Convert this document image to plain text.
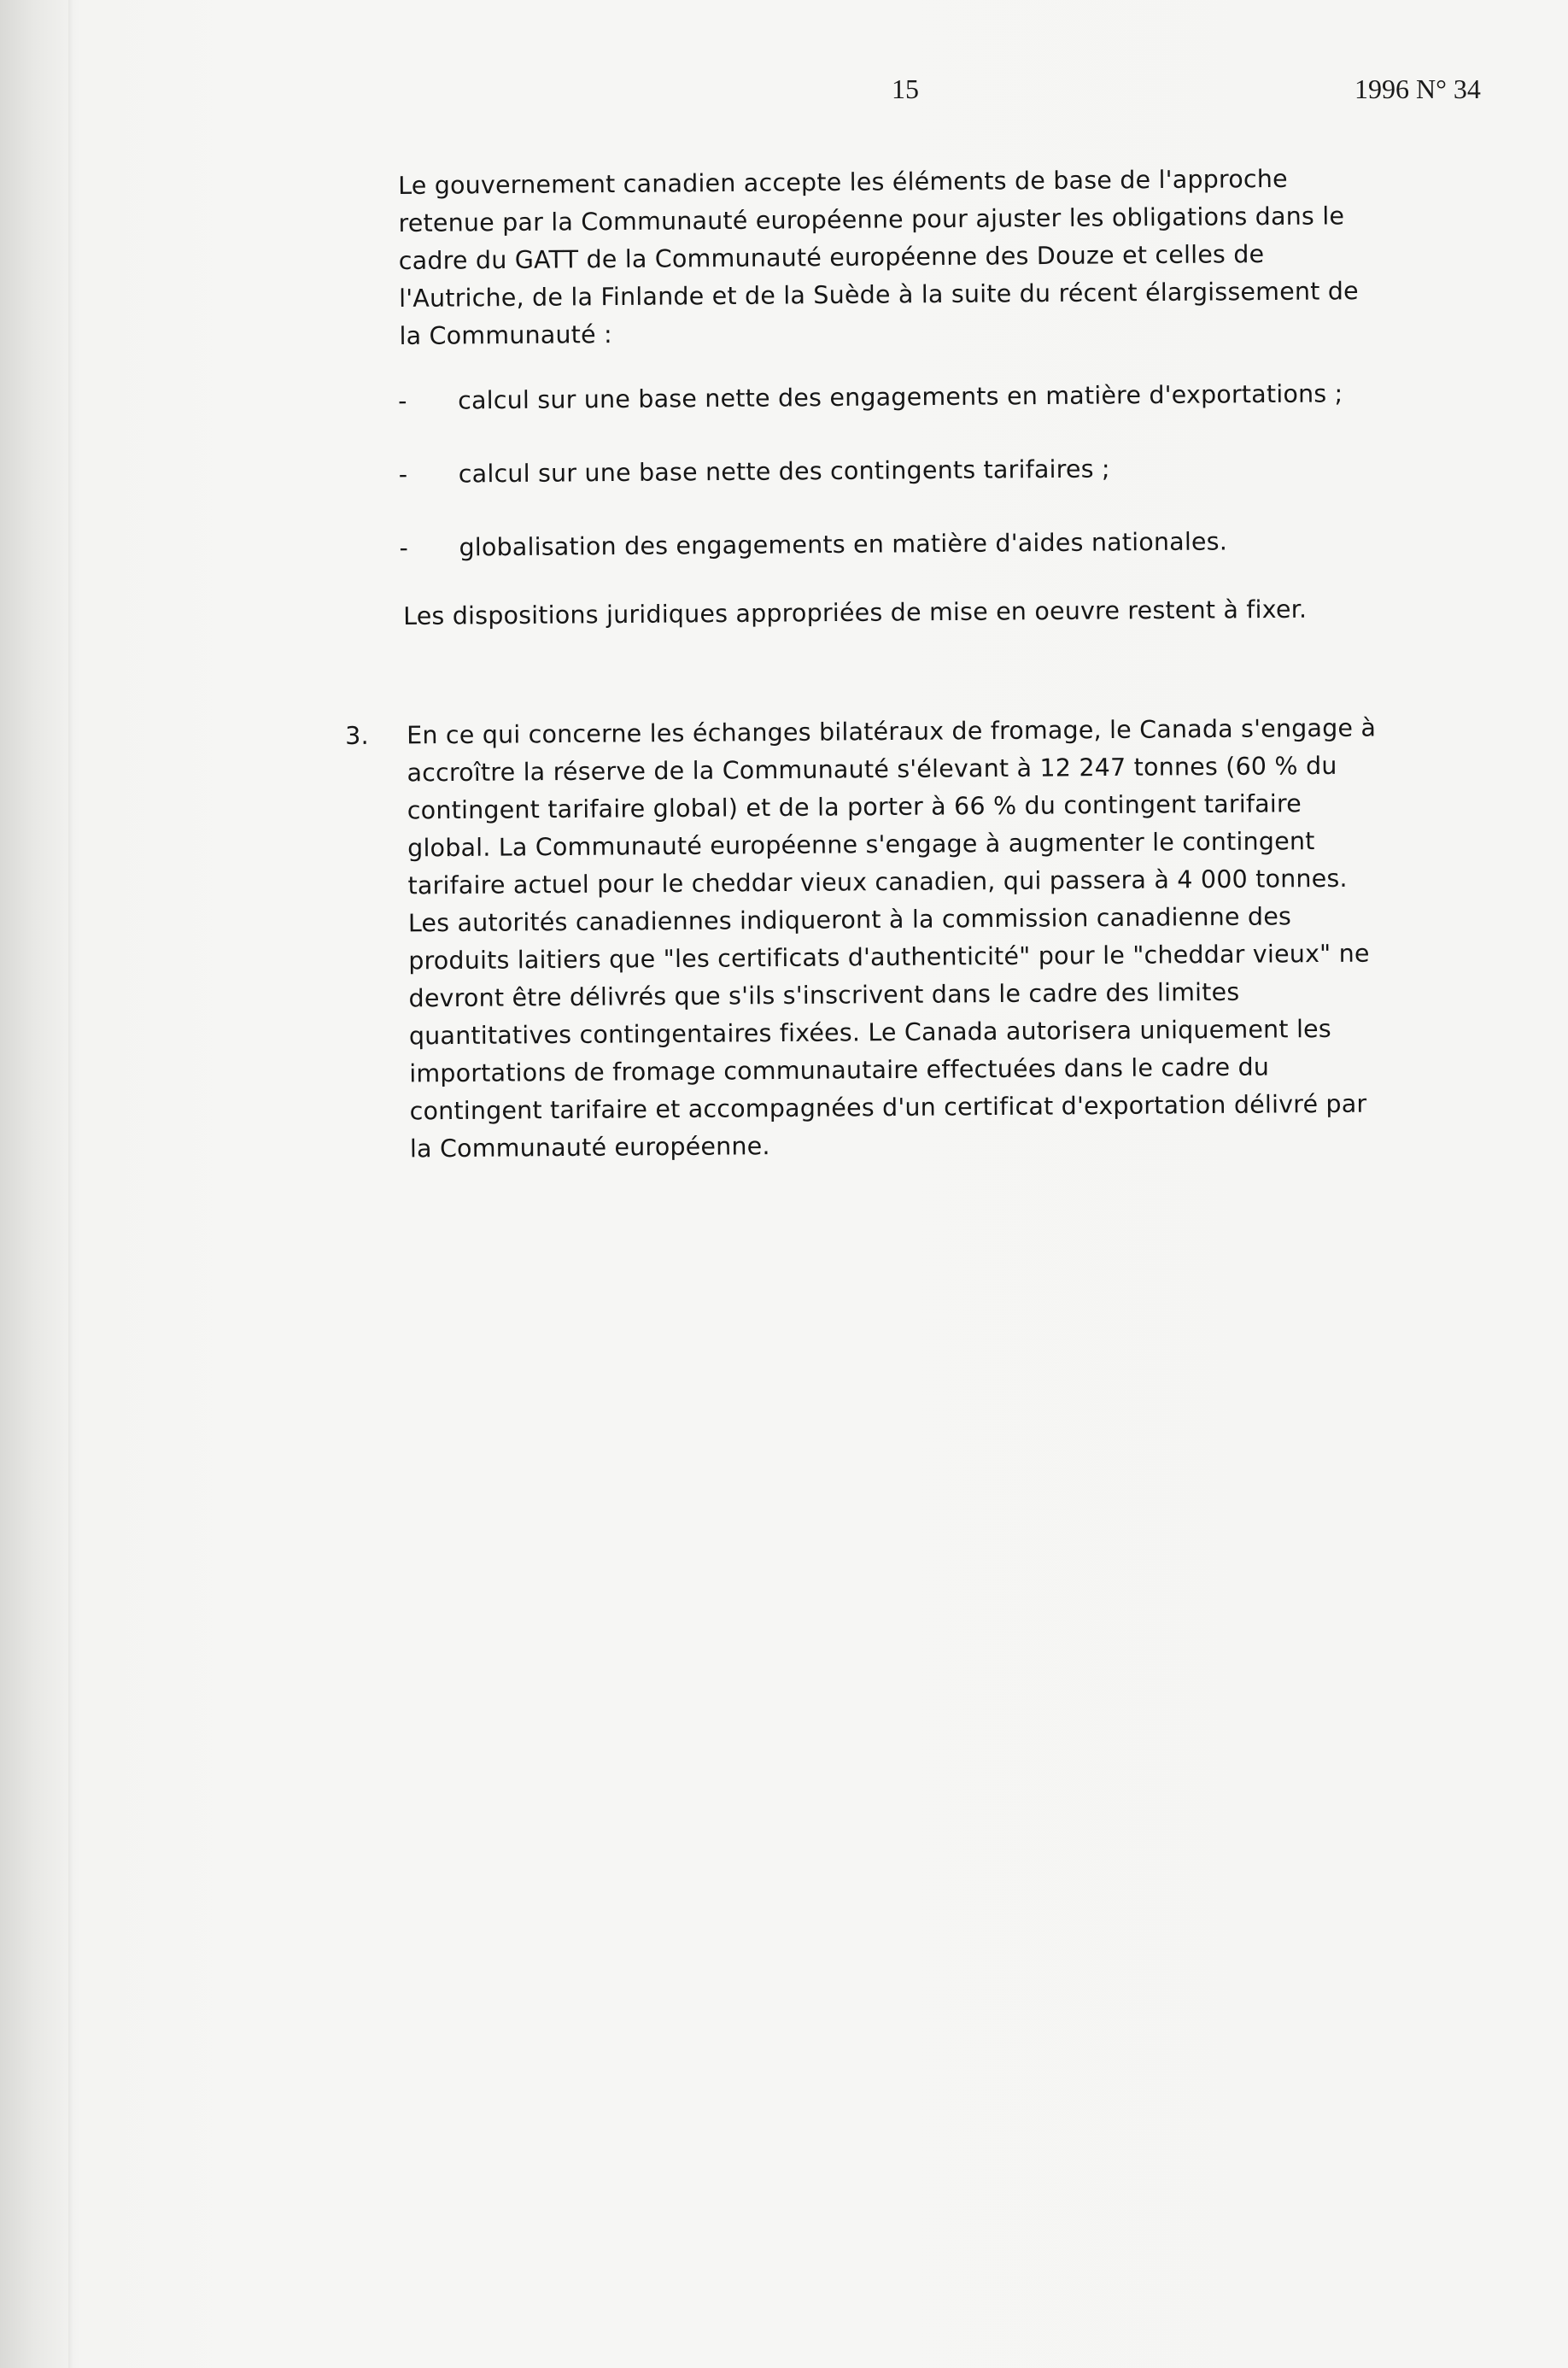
15	1996 N° 34
Le gouvernement canadien accepte les éléments de base de l'approche
retenue par la Communauté européenne pour ajuster les obligations dans le
cadre du GATT de la Communauté européenne des Douze et celles de
l'Autriche, de la Finlande et de la Suède à la suite du récent élargissement de
la Communauté :
- calcul sur une base nette des engagements en matière d'exportations ;
- calcul sur une base nette des contingents tarifaires ;
- globalisation des engagements en matière d'aides nationales.
Les dispositions juridiques appropriées de mise en oeuvre restent à fixer.
3. En ce qui concerne les échanges bilatéraux de fromage, le Canada s'engage à
accroître la réserve de la Communauté s'élevant à 12 247 tonnes (60 % du
contingent tarifaire global) et de la porter à 66 % du contingent tarifaire
global. La Communauté européenne s'engage à augmenter le contingent
tarifaire actuel pour le cheddar vieux canadien, qui passera à 4 000 tonnes.
Les autorités canadiennes indiqueront à la commission canadienne des
produits laitiers que "les certificats d'authenticité" pour le "cheddar vieux" ne
devront être délivrés que s'ils s'inscrivent dans le cadre des limites
quantitatives contingentaires fixées. Le Canada autorisera uniquement les
importations de fromage communautaire effectuées dans le cadre du
contingent tarifaire et accompagnées d'un certificat d'exportation délivré par
la Communauté européenne.
